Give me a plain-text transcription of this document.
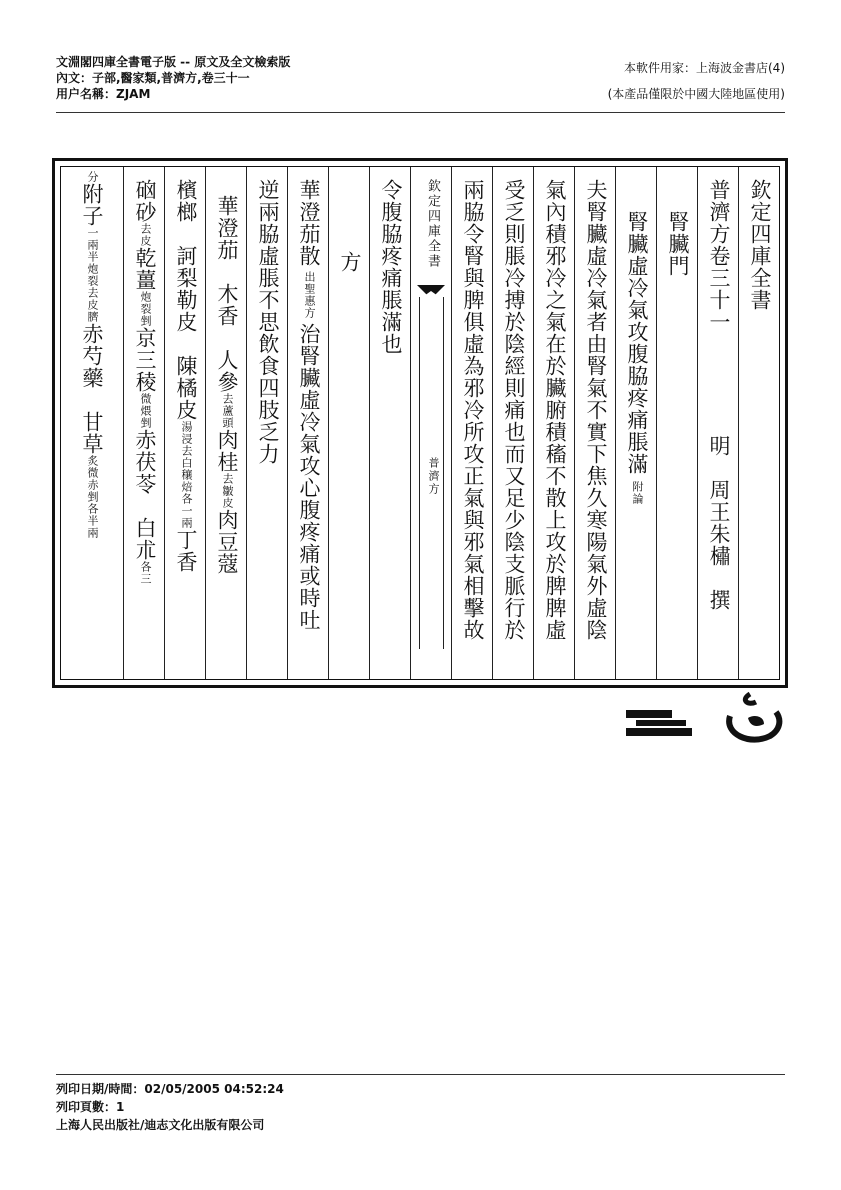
文淵閣四庫全書電子版 -- 原文及全文檢索版
內文：子部,醫家類,普濟方,卷三十一
用户名稱：ZJAM
本軟件用家：上海波金書店(4)
(本產品僅限於中國大陸地區使用)
欽定四庫全書
普濟方卷三十一
明　周王朱橚　撰
腎臟門
腎臟虛冷氣攻腹脇疼痛脹滿附論
夫腎臟虛冷氣者由腎氣不實下焦久寒陽氣外虛陰
氣內積邪冷之氣在於臟腑積稸不散上攻於脾脾虛
受乏則脹冷搏於陰經則痛也而又足少陰支脈行於
兩脇令腎與脾俱虛為邪冷所攻正氣與邪氣相擊故
欽定四庫全書
普濟方
令腹脇疼痛脹滿也
方
華澄茄散出聖惠方治腎臟虛冷氣攻心腹疼痛或時吐
逆兩脇虛脹不思飲食四肢乏力
華澄茄　木香　人參去蘆頭肉桂去皺皮肉豆蔻
檳榔　訶梨勒皮　陳橘皮湯浸去白穰焙各一兩丁香
硇砂去皮乾薑炮裂剉京三稜微煨剉赤茯苓　白朮各三
分附子一兩半炮裂去皮臍赤芍藥　甘草炙微赤剉各半兩
列印日期/時間：02/05/2005 04:52:24
列印頁數：1
上海人民出版社/迪志文化出版有限公司
